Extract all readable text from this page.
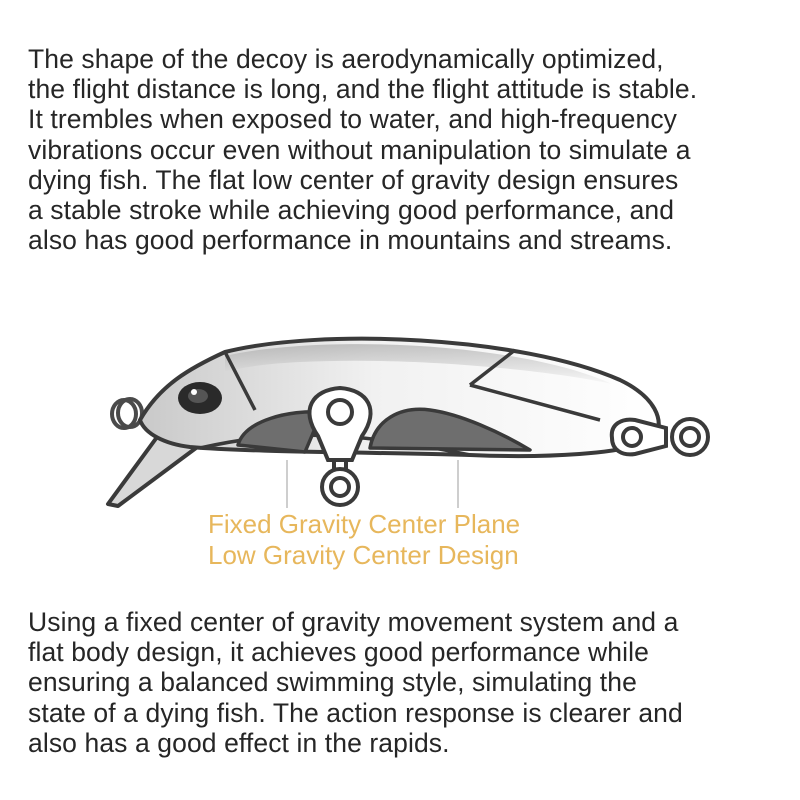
The shape of the decoy is aerodynamically optimized,
the flight distance is long, and the flight attitude is stable.
It trembles when exposed to water, and high-frequency
vibrations occur even without manipulation to simulate a
dying fish. The flat low center of gravity design ensures
a stable stroke while achieving good performance, and
also has good performance in mountains and streams.
Fixed Gravity Center Plane
Low Gravity Center Design
Using a fixed center of gravity movement system and a
flat body design, it achieves good performance while
ensuring a balanced swimming style, simulating the
state of a dying fish. The action response is clearer and
also has a good effect in the rapids.
